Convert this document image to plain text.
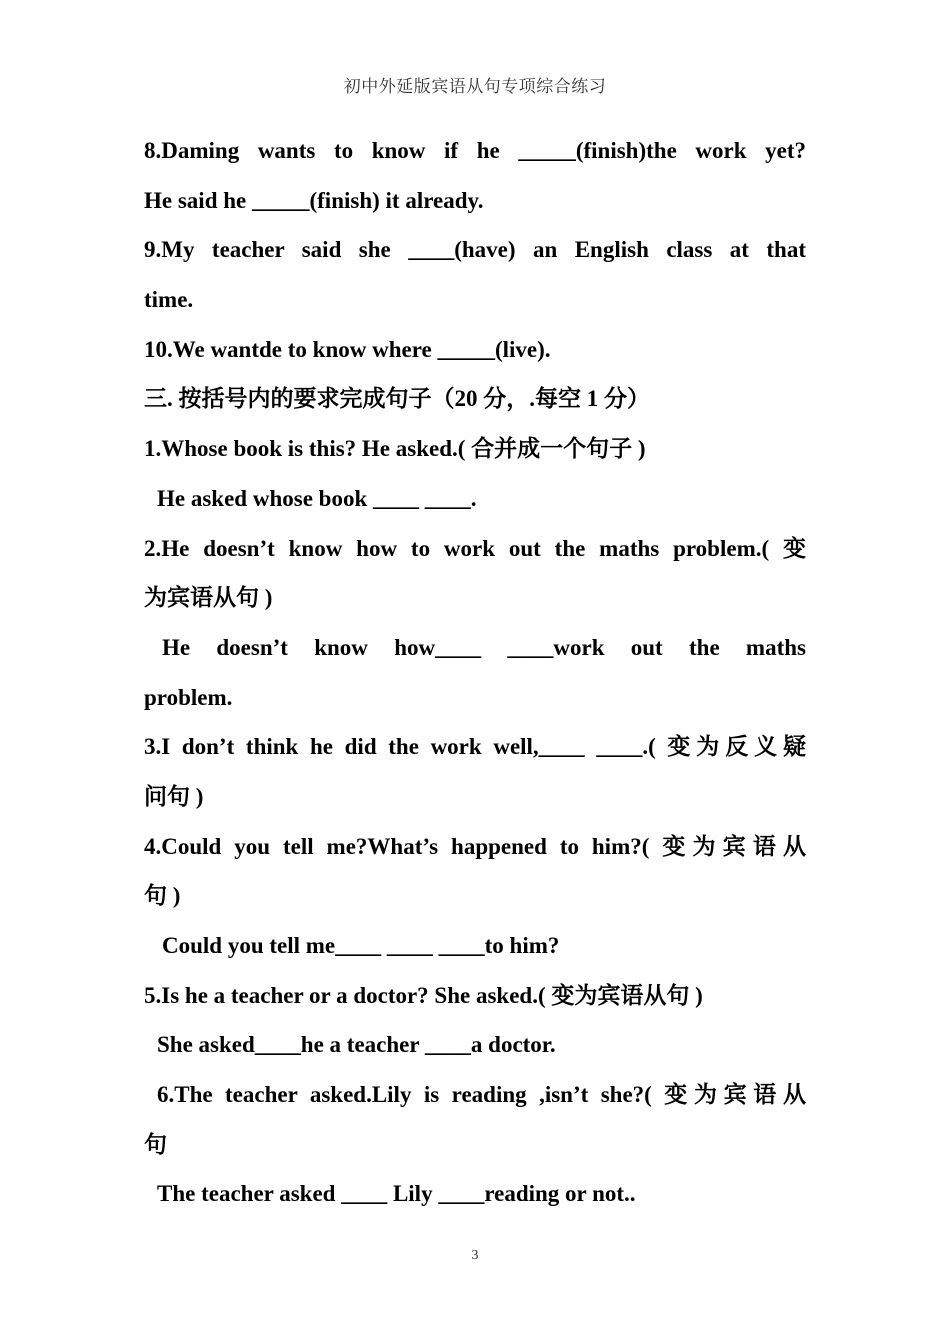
初中外延版宾语从句专项综合练习
8.Daming wants to know if he _____(finish)the work yet?
He said he _____(finish) it already.
9.My teacher said she ____(have) an English class at that
time.
10.We wantde to know where _____(live).
三. 按括号内的要求完成句子（20 分，.每空 1 分）
1.Whose book is this? He asked.( 合并成一个句子 )
He asked whose book ____ ____.
2.He doesn’t know how to work out the maths problem.( 变
为宾语从句 )
He doesn’t know how____ ____work out the maths
problem.
3.I don’t think he did the work well,____ ____.( 变为反义疑
问句 )
4.Could you tell me?What’s happened to him?( 变为宾语从
句 )
Could you tell me____ ____ ____to him?
5.Is he a teacher or a doctor? She asked.( 变为宾语从句 )
She asked____he a teacher ____a doctor.
6.The teacher asked.Lily is reading ,isn’t she?( 变为宾语从
句
The teacher asked ____ Lily ____reading or not..
3
